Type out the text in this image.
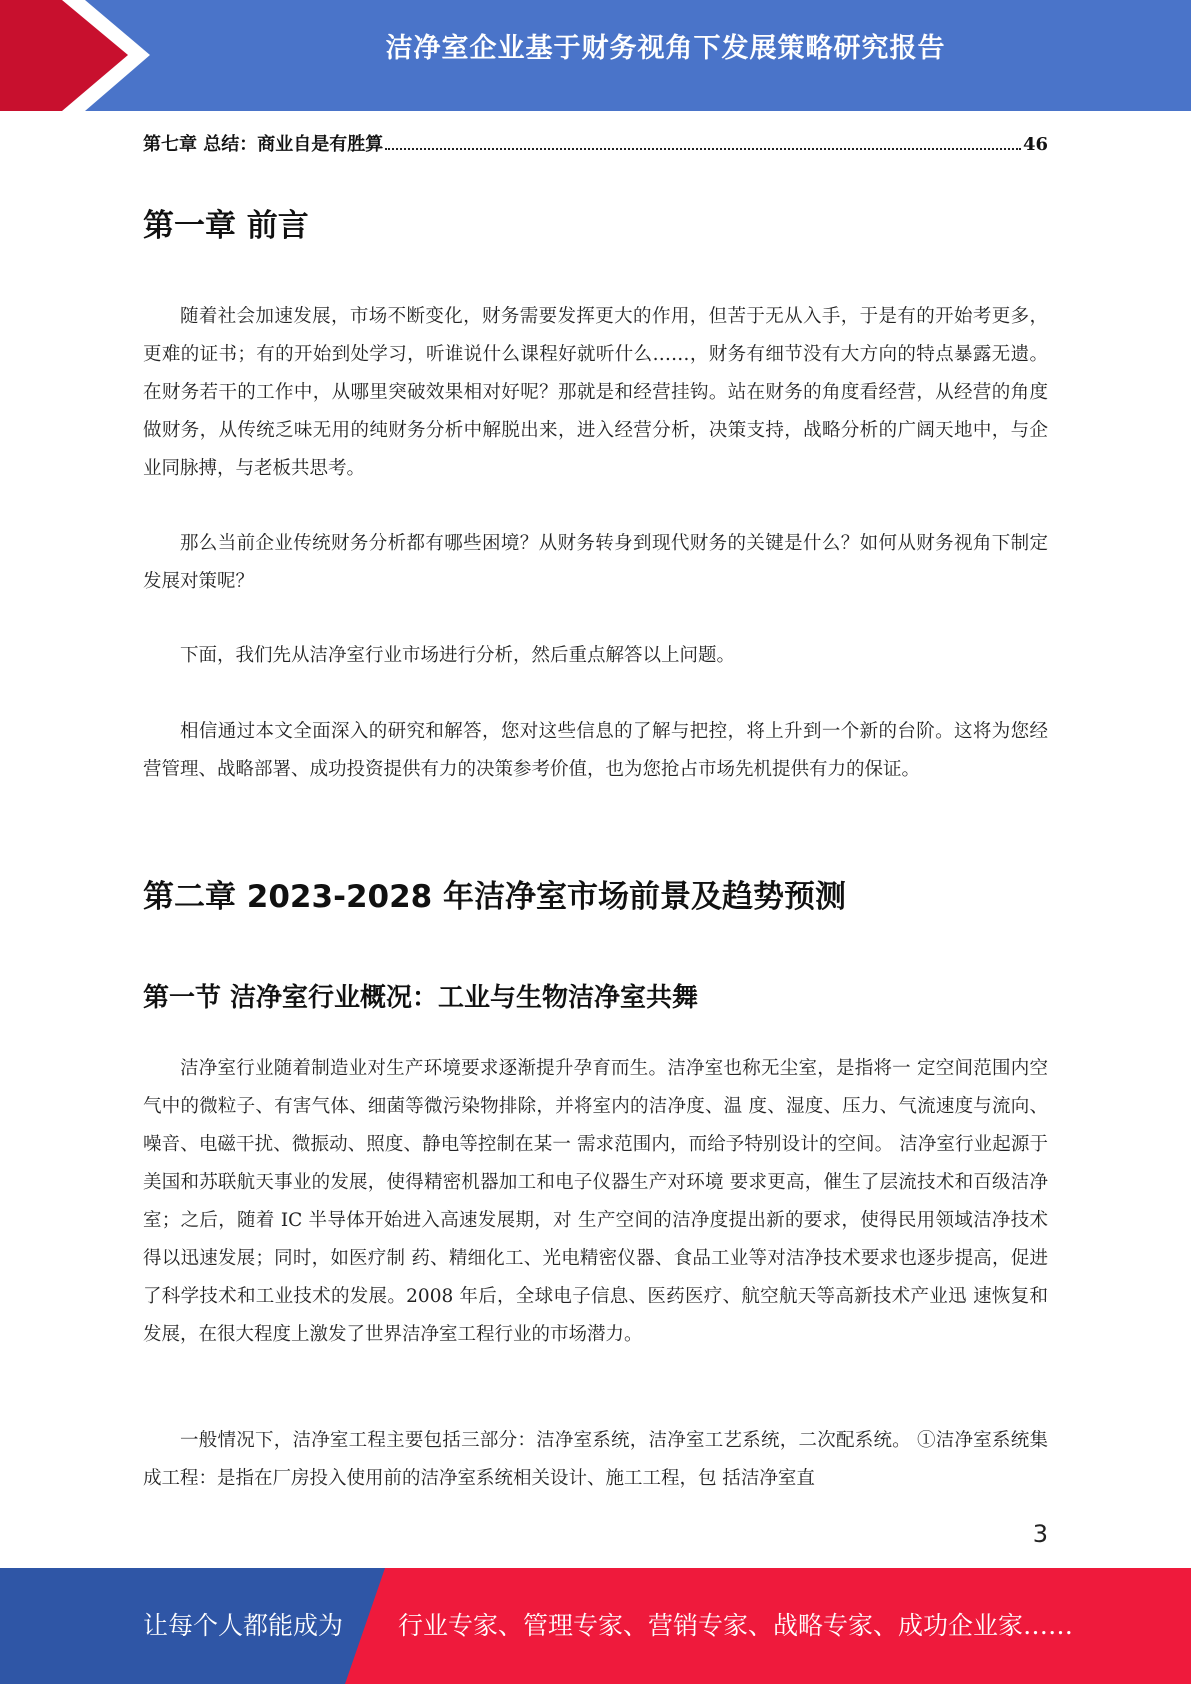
洁净室企业基于财务视角下发展策略研究报告
第七章 总结：商业自是有胜算	46
第一章 前言

随着社会加速发展，市场不断变化，财务需要发挥更大的作用，但苦于无从入手，于是有的开始考更多，更难的证书；有的开始到处学习，听谁说什么课程好就听什么……，财务有细节没有大方向的特点暴露无遗。在财务若干的工作中，从哪里突破效果相对好呢？那就是和经营挂钩。站在财务的角度看经营，从经营的角度做财务，从传统乏味无用的纯财务分析中解脱出来，进入经营分析，决策支持，战略分析的广阔天地中，与企业同脉搏，与老板共思考。

那么当前企业传统财务分析都有哪些困境？从财务转身到现代财务的关键是什么？如何从财务视角下制定发展对策呢？

下面，我们先从洁净室行业市场进行分析，然后重点解答以上问题。

相信通过本文全面深入的研究和解答，您对这些信息的了解与把控，将上升到一个新的台阶。这将为您经营管理、战略部署、成功投资提供有力的决策参考价值，也为您抢占市场先机提供有力的保证。

第二章 2023-2028 年洁净室市场前景及趋势预测
第一节 洁净室行业概况：工业与生物洁净室共舞

洁净室行业随着制造业对生产环境要求逐渐提升孕育而生。洁净室也称无尘室，是指将一 定空间范围内空气中的微粒子、有害气体、细菌等微污染物排除，并将室内的洁净度、温 度、湿度、压力、气流速度与流向、噪音、电磁干扰、微振动、照度、静电等控制在某一 需求范围内，而给予特别设计的空间。 洁净室行业起源于美国和苏联航天事业的发展，使得精密机器加工和电子仪器生产对环境 要求更高，催生了层流技术和百级洁净室；之后，随着 IC 半导体开始进入高速发展期，对 生产空间的洁净度提出新的要求，使得民用领域洁净技术得以迅速发展；同时，如医疗制 药、精细化工、光电精密仪器、食品工业等对洁净技术要求也逐步提高，促进了科学技术和工业技术的发展。2008 年后，全球电子信息、医药医疗、航空航天等高新技术产业迅 速恢复和发展，在很大程度上激发了世界洁净室工程行业的市场潜力。

一般情况下，洁净室工程主要包括三部分：洁净室系统，洁净室工艺系统，二次配系统。 ①洁净室系统集成工程：是指在厂房投入使用前的洁净室系统相关设计、施工工程，包 括洁净室直

3
让每个人都能成为 行业专家、管理专家、营销专家、战略专家、成功企业家……
